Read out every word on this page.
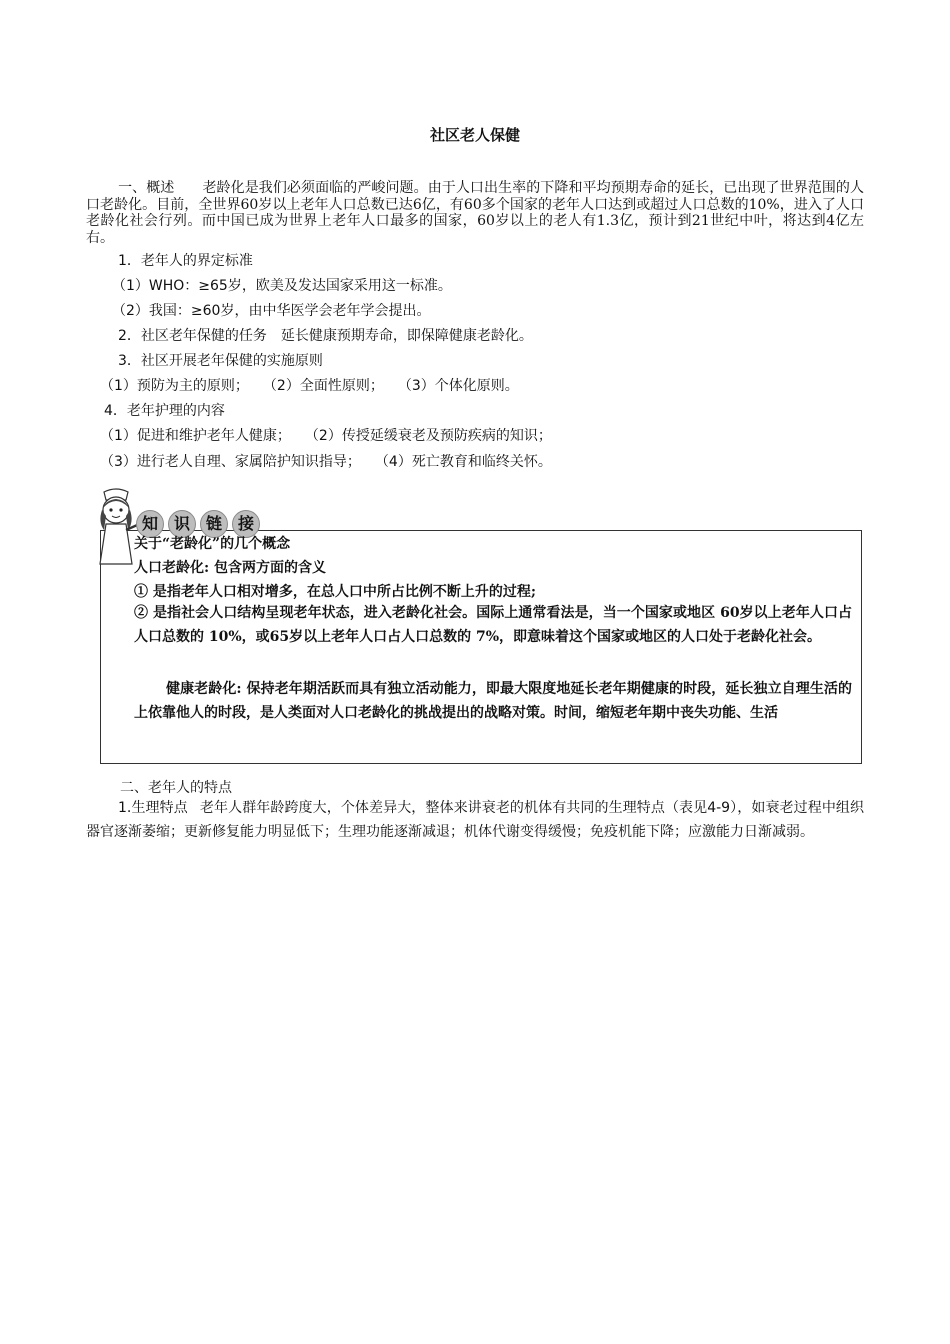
社区老人保健
一、概述 老龄化是我们必须面临的严峻问题。由于人口出生率的下降和平均预期寿命的延长，已出现了世界范围的人口老龄化。目前，全世界60岁以上老年人口总数已达6亿，有60多个国家的老年人口达到或超过人口总数的10%，进入了人口老龄化社会行列。而中国已成为世界上老年人口最多的国家，60岁以上的老人有1.3亿，预计到21世纪中叶，将达到4亿左右。
1．老年人的界定标准
（1）WHO：≥65岁，欧美及发达国家采用这一标准。
（2）我国：≥60岁，由中华医学会老年学会提出。
2．社区老年保健的任务 延长健康预期寿命，即保障健康老龄化。
3．社区开展老年保健的实施原则
（1）预防为主的原则； （2）全面性原则； （3）个体化原则。
4．老年护理的内容
（1）促进和维护老年人健康； （2）传授延缓衰老及预防疾病的知识；
（3）进行老人自理、家属陪护知识指导； （4）死亡教育和临终关怀。
知 识 链 接
关于“老龄化”的几个概念
人口老龄化: 包含两方面的含义
① 是指老年人口相对增多，在总人口中所占比例不断上升的过程;
② 是指社会人口结构呈现老年状态，进入老龄化社会。国际上通常看法是，当一个国家或地区 60岁以上老年人口占人口总数的 10%，或65岁以上老年人口占人口总数的 7%，即意味着这个国家或地区的人口处于老龄化社会。
健康老龄化: 保持老年期活跃而具有独立活动能力，即最大限度地延长老年期健康的时段，延长独立自理生活的上依靠他人的时段，是人类面对人口老龄化的挑战提出的战略对策。时间，缩短老年期中丧失功能、生活
二、老年人的特点
1.生理特点 老年人群年龄跨度大，个体差异大，整体来讲衰老的机体有共同的生理特点（表见4-9），如衰老过程中组织器官逐渐萎缩；更新修复能力明显低下；生理功能逐渐减退；机体代谢变得缓慢；免疫机能下降；应激能力日渐减弱。
